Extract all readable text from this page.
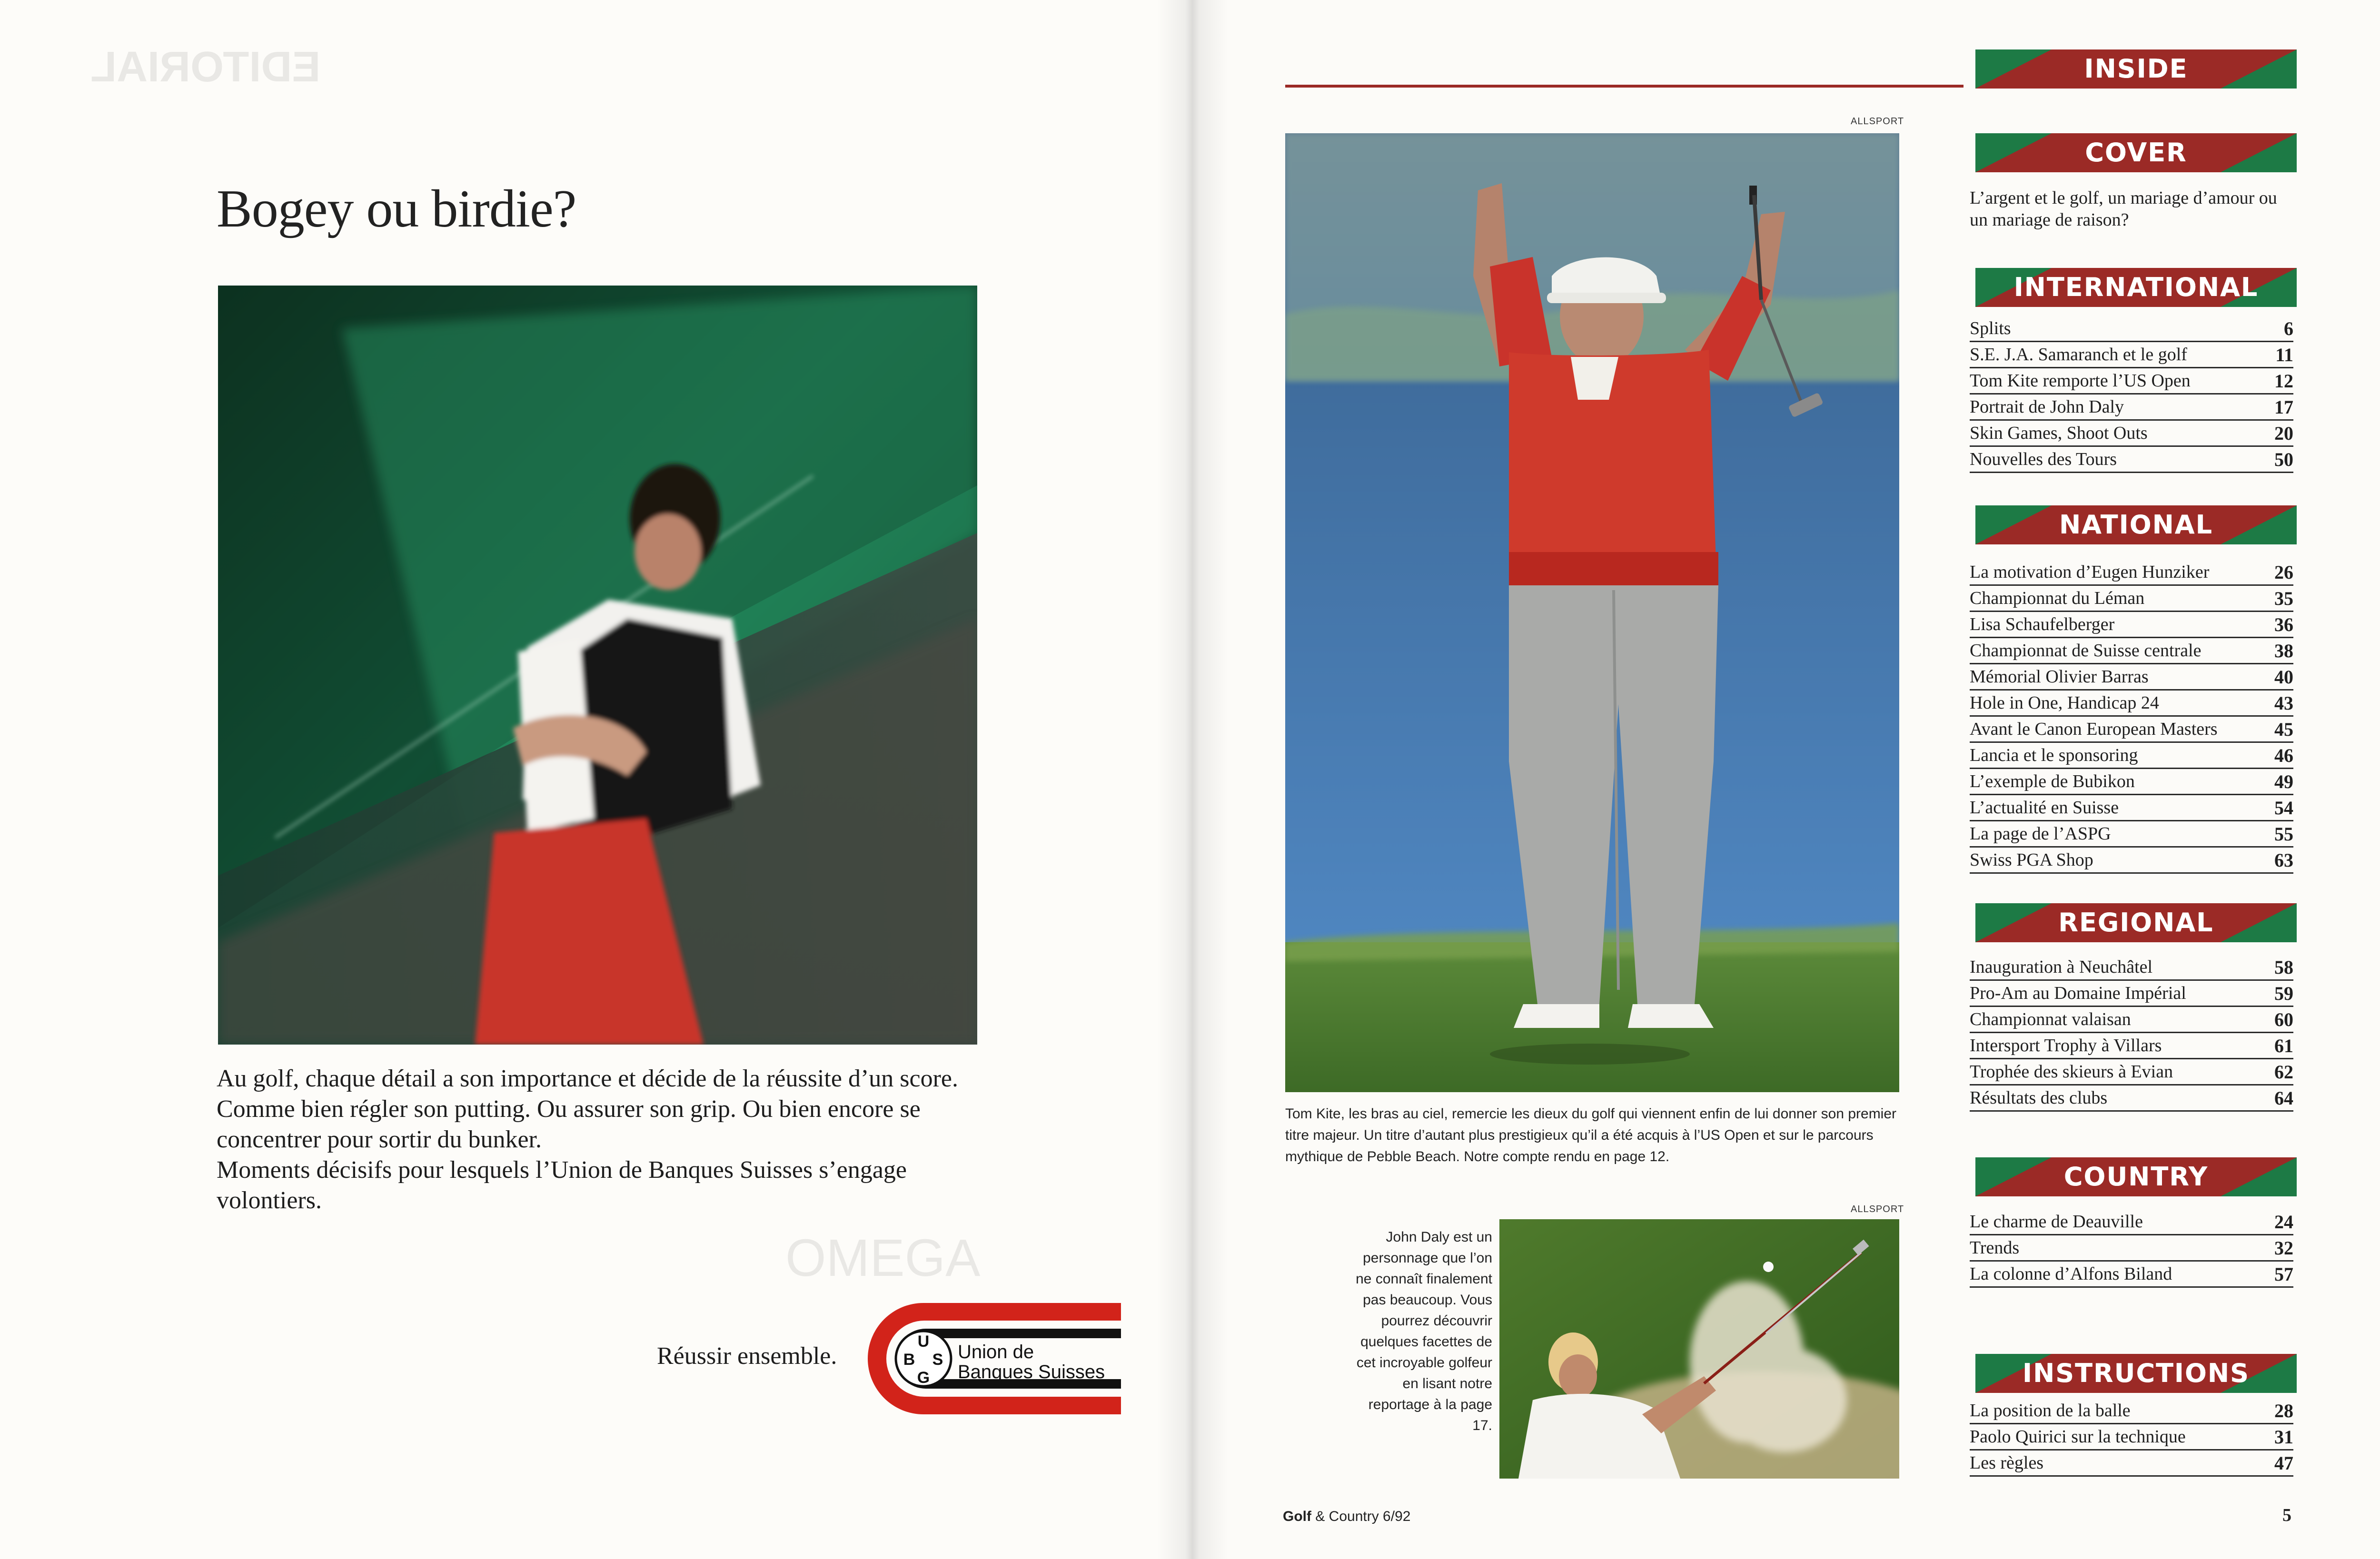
EDITORIAL
Bogey ou birdie?

Au golf, chaque détail a son importance et décide de la réussite d’un score. Comme bien régler son putting. Ou assurer son grip. Ou bien encore se concentrer pour sortir du bunker.

Moments décisifs pour lesquels l’Union de Banques Suisses s’engage volontiers.

OMEGA
Réussir ensemble.
U
B S
G
Union de
Banques Suisses
ALLSPORT
Tom Kite, les bras au ciel, remercie les dieux du golf qui viennent enfin de lui donner son premier titre majeur. Un titre d’autant plus prestigieux qu’il a été acquis à l’US Open et sur le parcours mythique de Pebble Beach. Notre compte rendu en page 12.
ALLSPORT
John Daly est un personnage que l’on ne connaît finalement pas beaucoup. Vous pourrez découvrir quelques facettes de cet incroyable golfeur en lisant notre reportage à la page 17.
Golf & Country 6/92	5
INSIDE
COVER
L’argent et le golf, un mariage d’amour ou un mariage de raison?
INTERNATIONAL
Splits	6
S.E. J.A. Samaranch et le golf	11
Tom Kite remporte l’US Open	12
Portrait de John Daly	17
Skin Games, Shoot Outs	20
Nouvelles des Tours	50
NATIONAL
La motivation d’Eugen Hunziker	26
Championnat du Léman	35
Lisa Schaufelberger	36
Championnat de Suisse centrale	38
Mémorial Olivier Barras	40
Hole in One, Handicap 24	43
Avant le Canon European Masters	45
Lancia et le sponsoring	46
L’exemple de Bubikon	49
L’actualité en Suisse	54
La page de l’ASPG	55
Swiss PGA Shop	63
REGIONAL
Inauguration à Neuchâtel	58
Pro-Am au Domaine Impérial	59
Championnat valaisan	60
Intersport Trophy à Villars	61
Trophée des skieurs à Evian	62
Résultats des clubs	64
COUNTRY
Le charme de Deauville	24
Trends	32
La colonne d’Alfons Biland	57
INSTRUCTIONS
La position de la balle	28
Paolo Quirici sur la technique	31
Les règles	47
